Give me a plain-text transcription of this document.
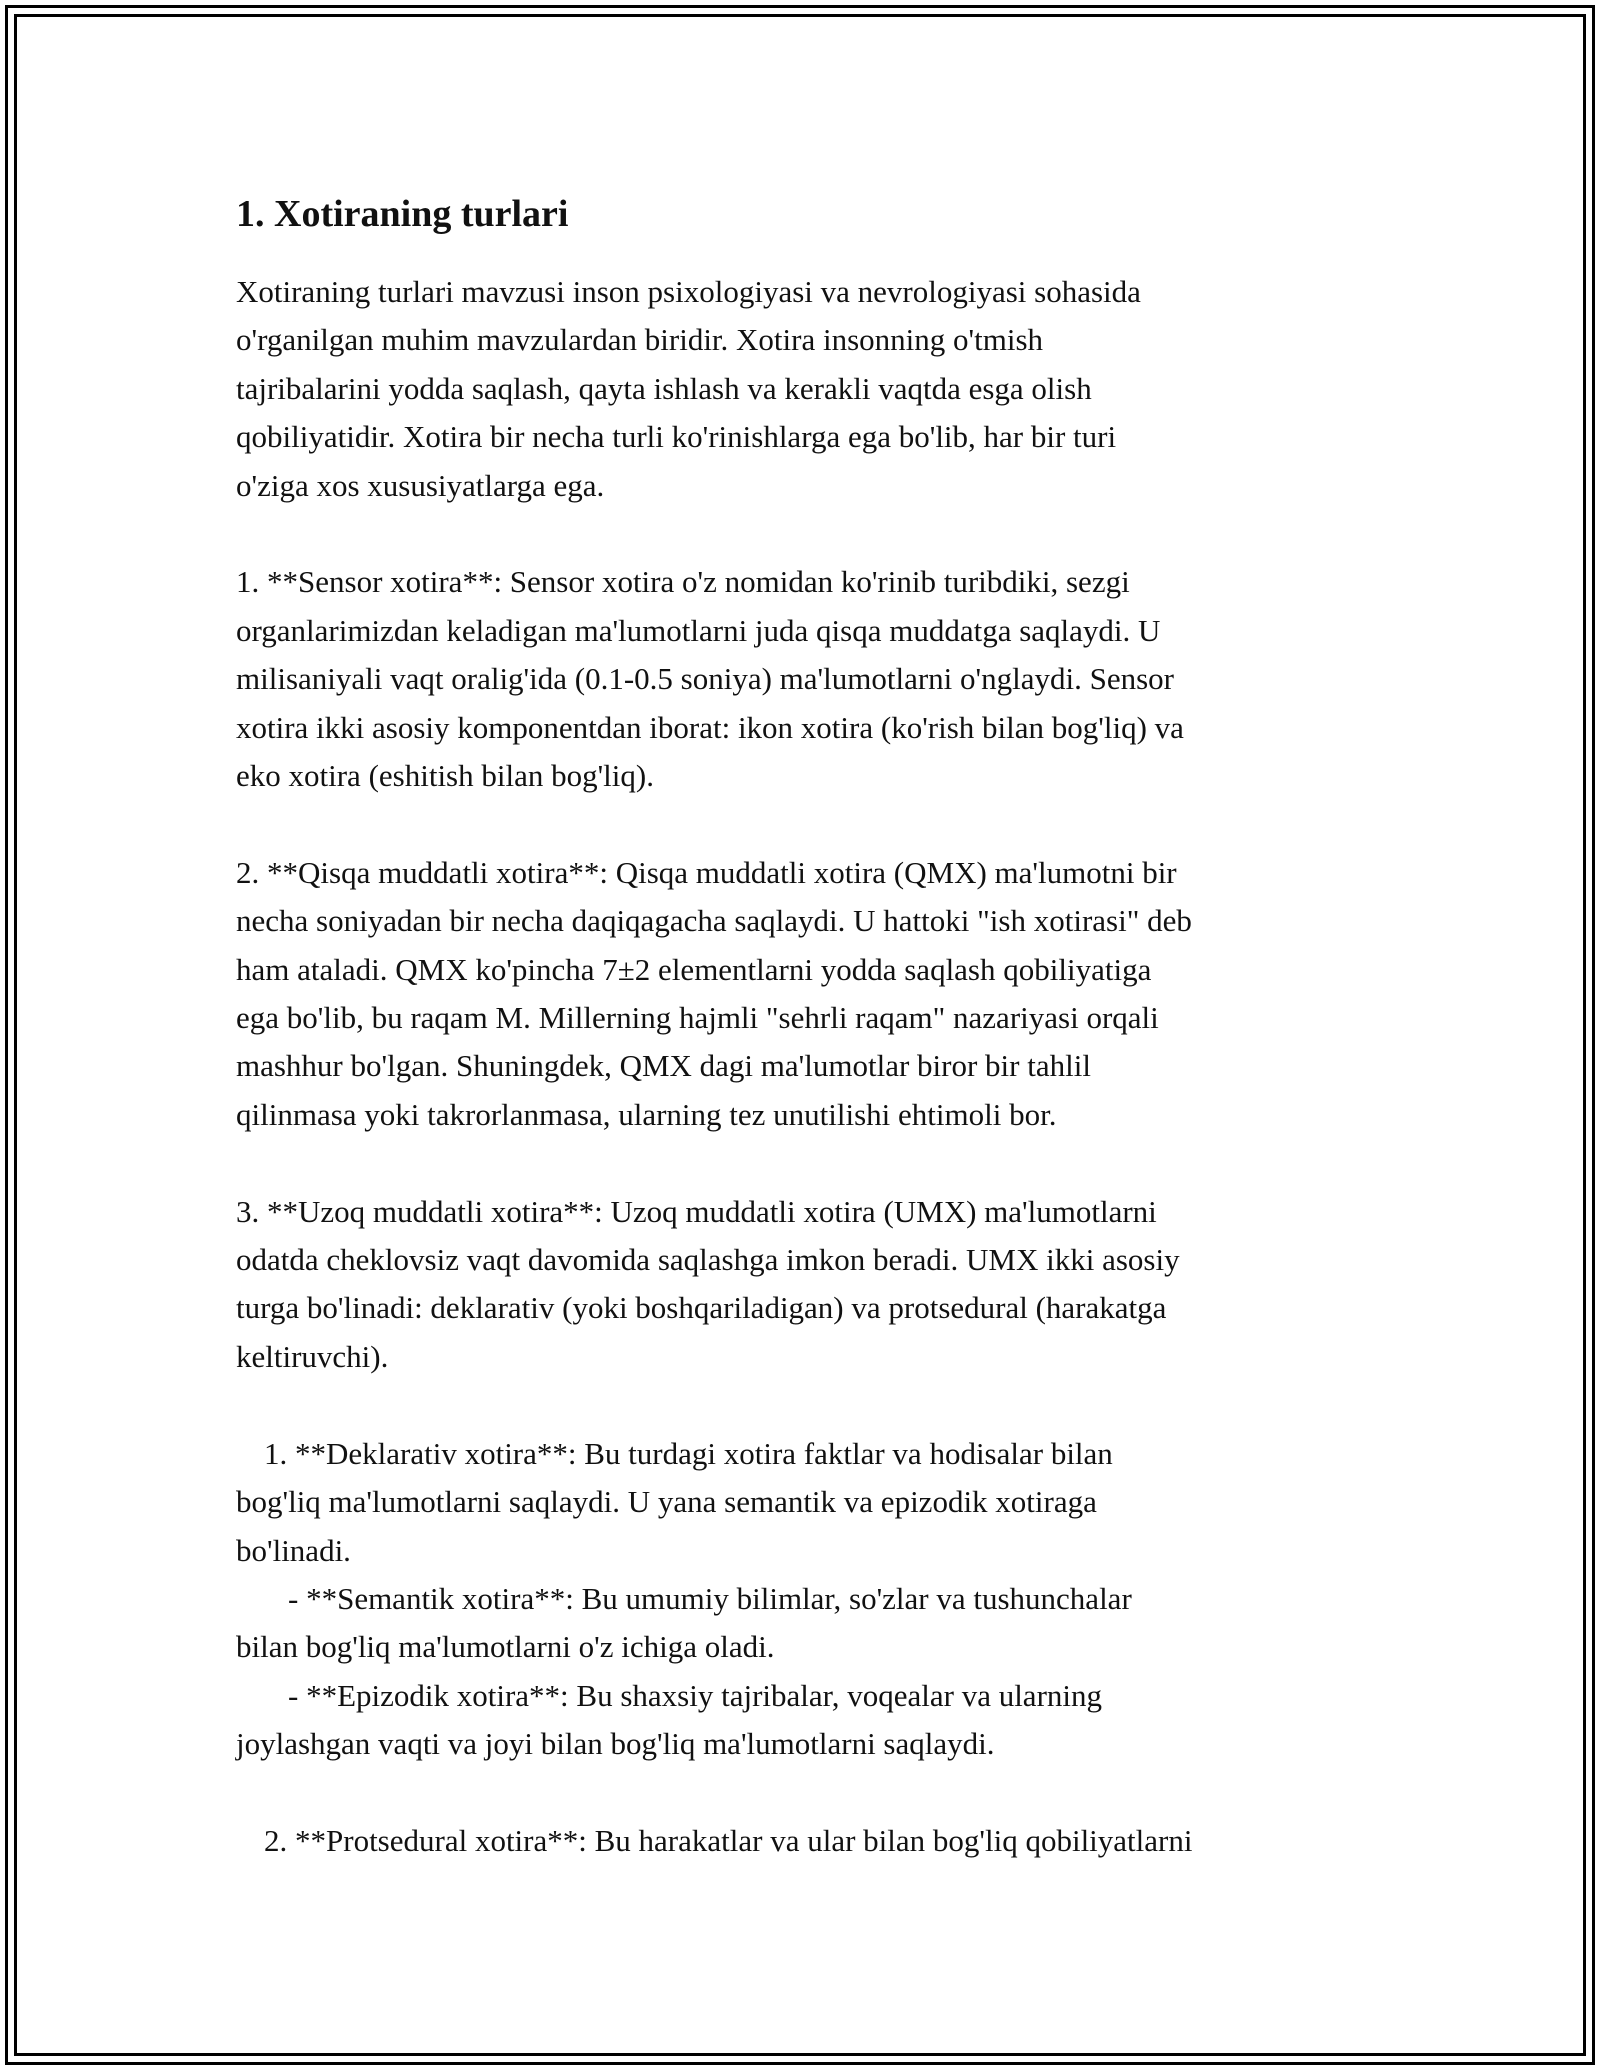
1. Xotiraning turlari

Xotiraning turlari mavzusi inson psixologiyasi va nevrologiyasi sohasida
o'rganilgan muhim mavzulardan biridir. Xotira insonning o'tmish
tajribalarini yodda saqlash, qayta ishlash va kerakli vaqtda esga olish
qobiliyatidir. Xotira bir necha turli ko'rinishlarga ega bo'lib, har bir turi
o'ziga xos xususiyatlarga ega.

1. **Sensor xotira**: Sensor xotira o'z nomidan ko'rinib turibdiki, sezgi
organlarimizdan keladigan ma'lumotlarni juda qisqa muddatga saqlaydi. U
milisaniyali vaqt oralig'ida (0.1-0.5 soniya) ma'lumotlarni o'nglaydi. Sensor
xotira ikki asosiy komponentdan iborat: ikon xotira (ko'rish bilan bog'liq) va
eko xotira (eshitish bilan bog'liq).

2. **Qisqa muddatli xotira**: Qisqa muddatli xotira (QMX) ma'lumotni bir
necha soniyadan bir necha daqiqagacha saqlaydi. U hattoki "ish xotirasi" deb
ham ataladi. QMX ko'pincha 7±2 elementlarni yodda saqlash qobiliyatiga
ega bo'lib, bu raqam M. Millerning hajmli "sehrli raqam" nazariyasi orqali
mashhur bo'lgan. Shuningdek, QMX dagi ma'lumotlar biror bir tahlil
qilinmasa yoki takrorlanmasa, ularning tez unutilishi ehtimoli bor.

3. **Uzoq muddatli xotira**: Uzoq muddatli xotira (UMX) ma'lumotlarni
odatda cheklovsiz vaqt davomida saqlashga imkon beradi. UMX ikki asosiy
turga bo'linadi: deklarativ (yoki boshqariladigan) va protsedural (harakatga
keltiruvchi).

1. **Deklarativ xotira**: Bu turdagi xotira faktlar va hodisalar bilan

bog'liq ma'lumotlarni saqlaydi. U yana semantik va epizodik xotiraga
bo'linadi.

- **Semantik xotira**: Bu umumiy bilimlar, so'zlar va tushunchalar

bilan bog'liq ma'lumotlarni o'z ichiga oladi.

- **Epizodik xotira**: Bu shaxsiy tajribalar, voqealar va ularning

joylashgan vaqti va joyi bilan bog'liq ma'lumotlarni saqlaydi.

2. **Protsedural xotira**: Bu harakatlar va ular bilan bog'liq qobiliyatlarni
